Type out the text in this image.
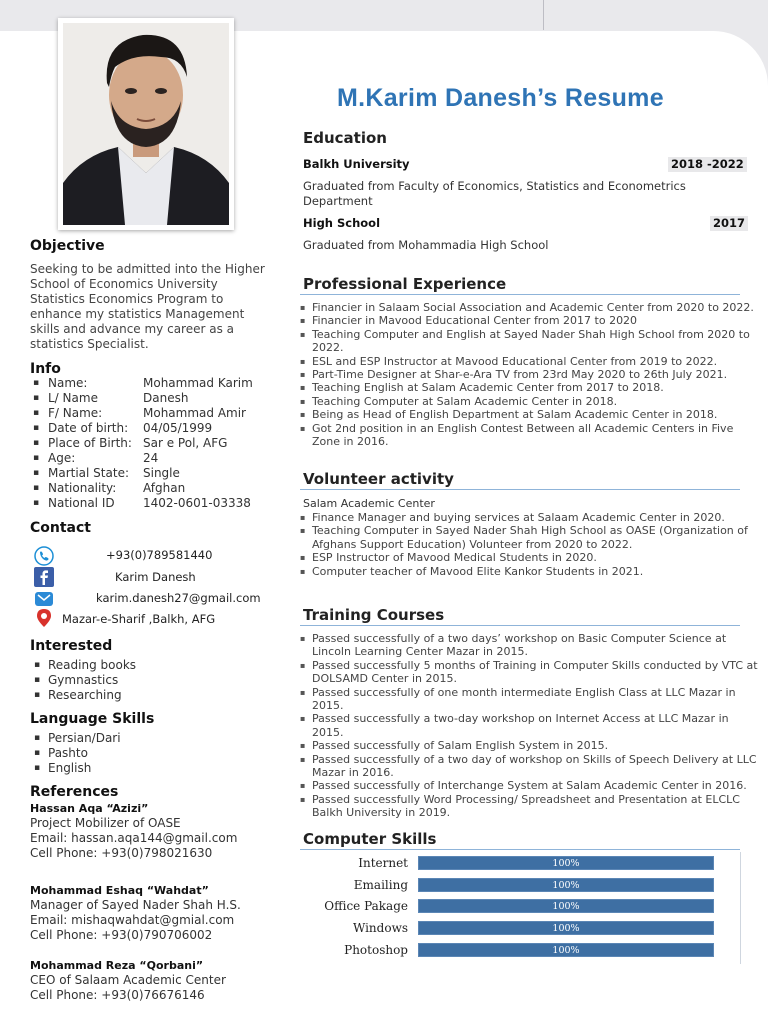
M.Karim Danesh’s Resume
Objective
Seeking to be admitted into the Higher School of Economics University Statistics Economics Program to enhance my statistics Management skills and advance my career as a statistics Specialist.
Info
▪ Name:	Mohammad Karim
▪ L/ Name	Danesh
▪ F/ Name:	Mohammad Amir
▪ Date of birth: 04/05/1999
▪ Place of Birth: Sar e Pol, AFG
▪ Age:	24
▪ Martial State: Single
▪ Nationality: Afghan
▪ National ID 1402-0601-03338
Contact
+93(0)789581440
Karim Danesh
karim.danesh27@gmail.com
Mazar-e-Sharif ,Balkh, AFG
Interested
▪ Reading books
▪ Gymnastics
▪ Researching
Language Skills
▪ Persian/Dari
▪ Pashto
▪ English
References
Hassan Aqa “Azizi”
Project Mobilizer of OASE
Email: hassan.aqa144@gmail.com
Cell Phone: +93(0)798021630
Mohammad Eshaq “Wahdat”
Manager of Sayed Nader Shah H.S.
Email: mishaqwahdat@gmial.com
Cell Phone: +93(0)790706002
Mohammad Reza “Qorbani”
CEO of Salaam Academic Center
Cell Phone: +93(0)76676146
Education
Balkh University	2018 -2022
Graduated from Faculty of Economics, Statistics and Econometrics Department
High School	2017
Graduated from Mohammadia High School
Professional Experience
▪ Financier in Salaam Social Association and Academic Center from 2020 to 2022.
▪ Financier in Mavood Educational Center from 2017 to 2020
▪ Teaching Computer and English at Sayed Nader Shah High School from 2020 to 2022.
▪ ESL and ESP Instructor at Mavood Educational Center from 2019 to 2022.
▪ Part-Time Designer at Shar-e-Ara TV from 23rd May 2020 to 26th July 2021.
▪ Teaching English at Salam Academic Center from 2017 to 2018.
▪ Teaching Computer at Salam Academic Center in 2018.
▪ Being as Head of English Department at Salam Academic Center in 2018.
▪ Got 2nd position in an English Contest Between all Academic Centers in Five Zone in 2016.
Volunteer activity
Salam Academic Center
▪ Finance Manager and buying services at Salaam Academic Center in 2020.
▪ Teaching Computer in Sayed Nader Shah High School as OASE (Organization of Afghans Support Education) Volunteer from 2020 to 2022.
▪ ESP Instructor of Mavood Medical Students in 2020.
▪ Computer teacher of Mavood Elite Kankor Students in 2021.
Training Courses
▪ Passed successfully of a two days’ workshop on Basic Computer Science at Lincoln Learning Center Mazar in 2015.
▪ Passed successfully 5 months of Training in Computer Skills conducted by VTC at DOLSAMD Center in 2015.
▪ Passed successfully of one month intermediate English Class at LLC Mazar in 2015.
▪ Passed successfully a two-day workshop on Internet Access at LLC Mazar in 2015.
▪ Passed successfully of Salam English System in 2015.
▪ Passed successfully of a two day of workshop on Skills of Speech Delivery at LLC Mazar in 2016.
▪ Passed successfully of Interchange System at Salam Academic Center in 2016.
▪ Passed successfully Word Processing/ Spreadsheet and Presentation at ELCLC Balkh University in 2019.
Computer Skills
Internet	100%
Emailing	100%
Office Pakage	100%
Windows	100%
Photoshop	100%
